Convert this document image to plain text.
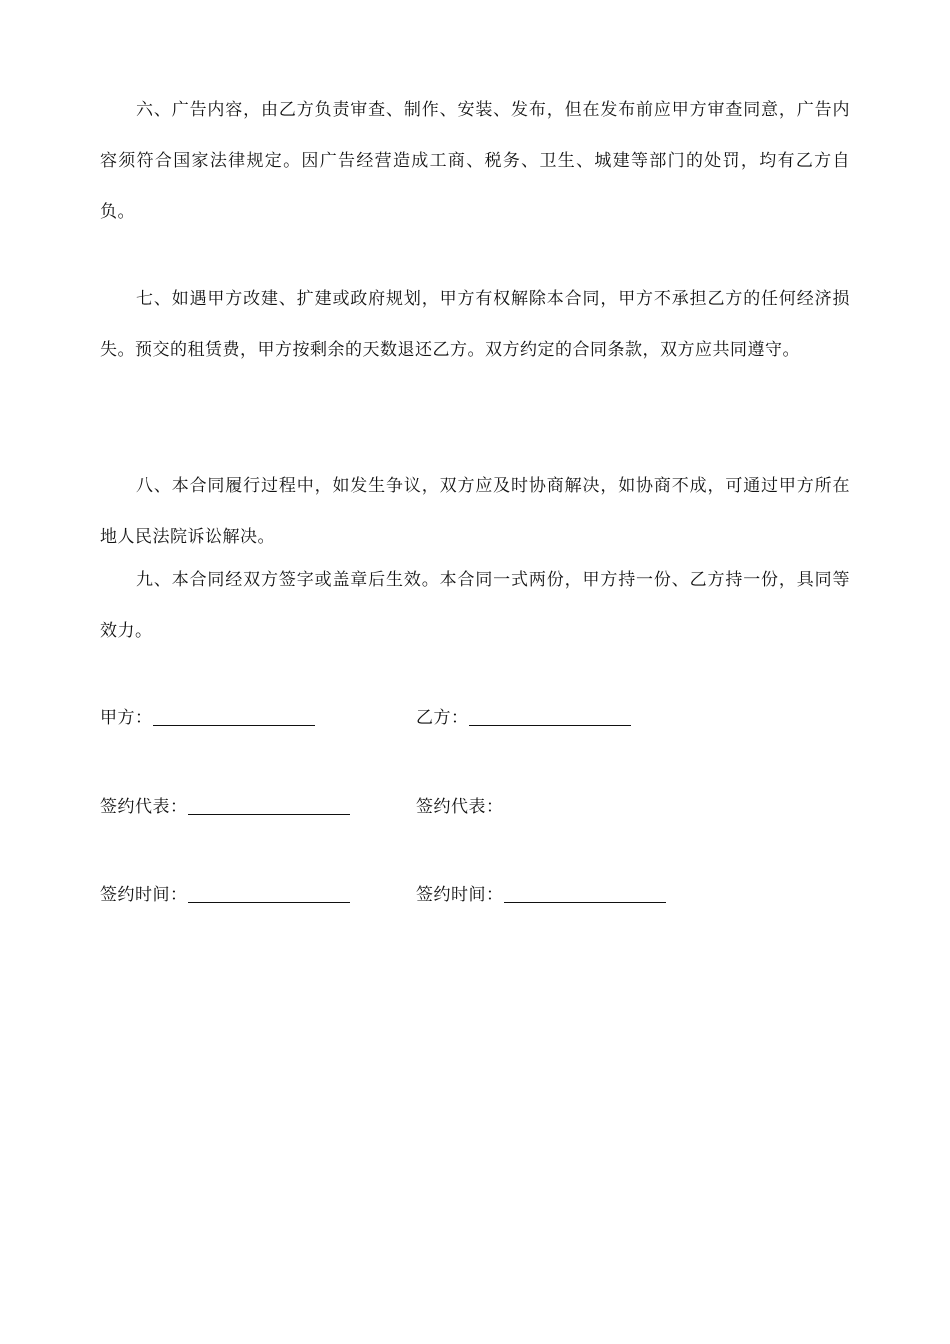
六、广告内容，由乙方负责审查、制作、安装、发布，但在发布前应甲方审查同意，广告内容须符合国家法律规定。因广告经营造成工商、税务、卫生、城建等部门的处罚，均有乙方自负。

七、如遇甲方改建、扩建或政府规划，甲方有权解除本合同，甲方不承担乙方的任何经济损失。预交的租赁费，甲方按剩余的天数退还乙方。双方约定的合同条款，双方应共同遵守。

八、本合同履行过程中，如发生争议，双方应及时协商解决，如协商不成，可通过甲方所在地人民法院诉讼解决。

九、本合同经双方签字或盖章后生效。本合同一式两份，甲方持一份、乙方持一份，具同等效力。

甲方：	乙方：
签约代表：	签约代表：
签约时间：	签约时间：
